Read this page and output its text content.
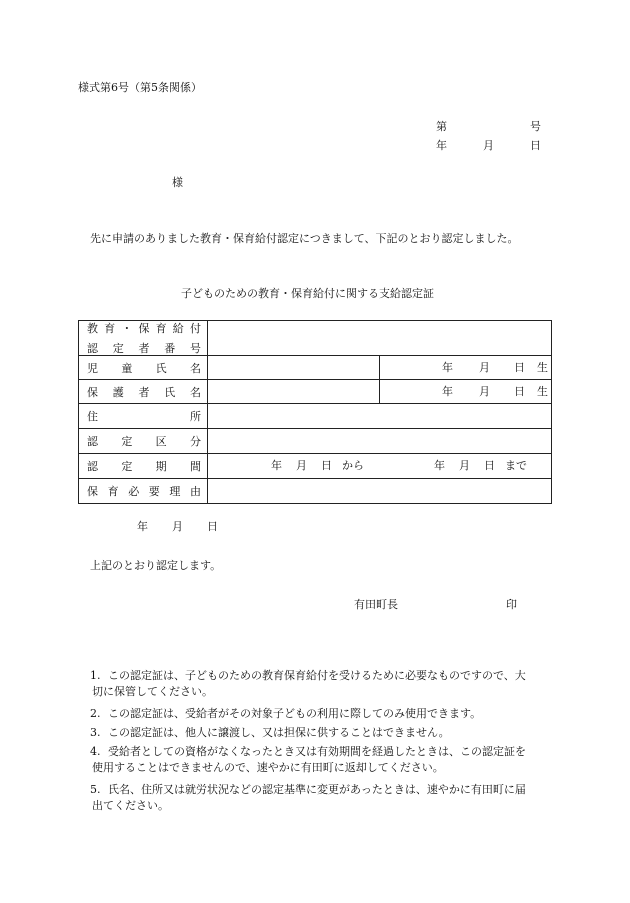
様式第6号（第5条関係）
第	号
年	月	日
様
先に申請のありました教育・保育給付認定につきまして、下記のとおり認定しました。
子どものための教育・保育給付に関する支給認定証
教 育 ・ 保 育 給 付
認 定 者 番 号
児 童 氏 名	年 月 日 生
保 護 者 氏 名	年 月 日 生
住	所
認 定 区 分
認 定 期 間	年 月 日 から	年 月 日 まで
保 育 必 要 理 由
年 月 日
上記のとおり認定します。
有田町長	印
1. この認定証は、子どものための教育保育給付を受けるために必要なものですので、大
切に保管してください。
2. この認定証は、受給者がその対象子どもの利用に際してのみ使用できます。
3. この認定証は、他人に譲渡し、又は担保に供することはできません。
4. 受給者としての資格がなくなったとき又は有効期間を経過したときは、この認定証を
使用することはできませんので、速やかに有田町に返却してください。
5. 氏名、住所又は就労状況などの認定基準に変更があったときは、速やかに有田町に届
出てください。
